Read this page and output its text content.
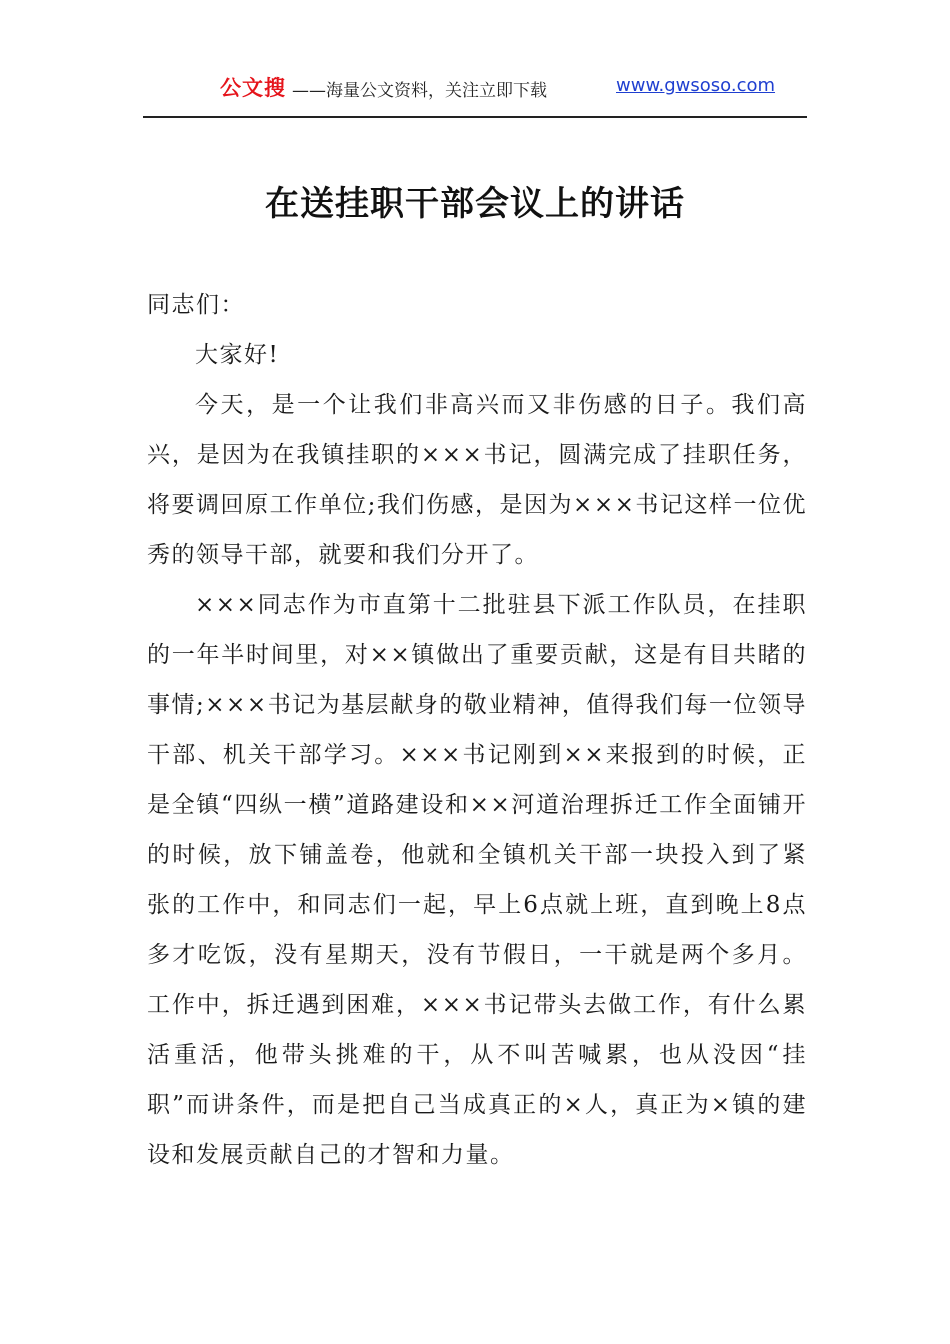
公文搜 ——海量公文资料，关注立即下载	www.gwsoso.com
在送挂职干部会议上的讲话

同志们：

大家好!

今天，是一个让我们非高兴而又非伤感的日子。我们高兴，是因为在我镇挂职的×××书记，圆满完成了挂职任务，将要调回原工作单位;我们伤感，是因为×××书记这样一位优秀的领导干部，就要和我们分开了。

×××同志作为市直第十二批驻县下派工作队员，在挂职的一年半时间里，对××镇做出了重要贡献，这是有目共睹的事情;×××书记为基层献身的敬业精神，值得我们每一位领导干部、机关干部学习。×××书记刚到××来报到的时候，正是全镇“四纵一横”道路建设和××河道治理拆迁工作全面铺开的时候，放下铺盖卷，他就和全镇机关干部一块投入到了紧张的工作中，和同志们一起，早上6点就上班，直到晚上8点多才吃饭，没有星期天，没有节假日，一干就是两个多月。工作中，拆迁遇到困难，×××书记带头去做工作，有什么累活重活，他带头挑难的干，从不叫苦喊累，也从没因“挂职”而讲条件，而是把自己当成真正的×人，真正为×镇的建设和发展贡献自己的才智和力量。
